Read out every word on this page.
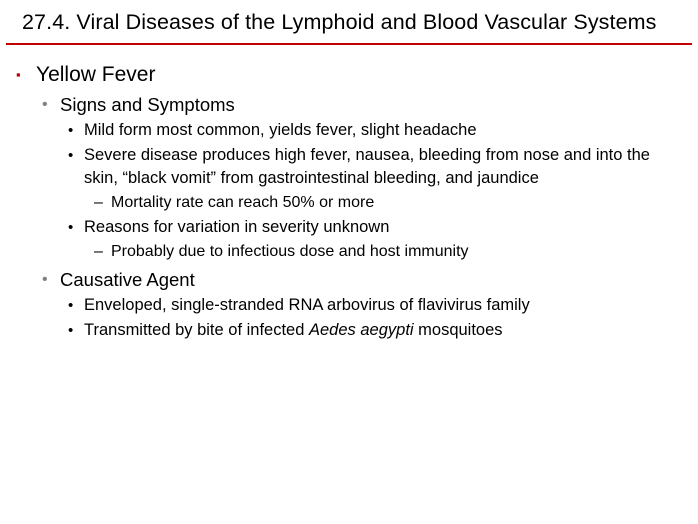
27.4. Viral Diseases of the Lymphoid and Blood Vascular Systems
▪ Yellow Fever
• Signs and Symptoms
• Mild form most common, yields fever, slight headache
• Severe disease produces high fever, nausea, bleeding from nose and into the skin, “black vomit” from gastrointestinal bleeding, and jaundice
– Mortality rate can reach 50% or more
• Reasons for variation in severity unknown
– Probably due to infectious dose and host immunity
• Causative Agent
• Enveloped, single-stranded RNA arbovirus of flavivirus family
• Transmitted by bite of infected Aedes aegypti mosquitoes
